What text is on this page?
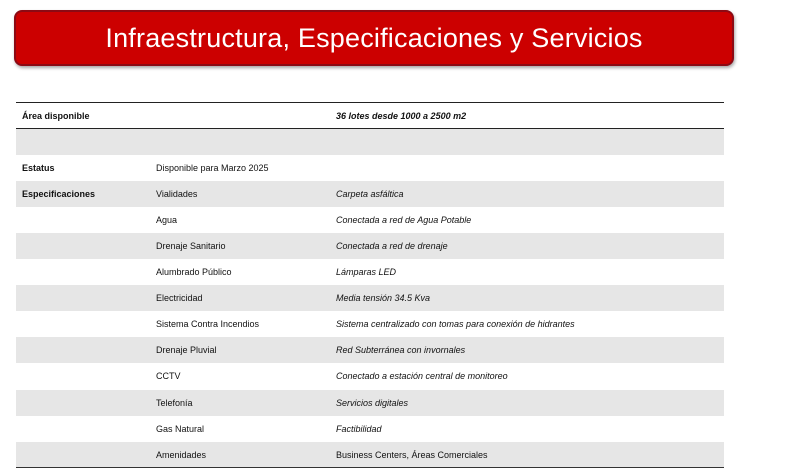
Infraestructura, Especificaciones y Servicios
Área disponible		36 lotes desde 1000 a 2500 m2

Estatus	Disponible para Marzo 2025	
Especificaciones	Vialidades	Carpeta asfáltica
	Agua	Conectada a red de Agua Potable
	Drenaje Sanitario	Conectada a red de drenaje
	Alumbrado Público	Lámparas LED
	Electricidad	Media tensión 34.5 Kva
	Sistema Contra Incendios	Sistema centralizado con tomas para conexión de hidrantes
	Drenaje Pluvial	Red Subterránea con invornales
	CCTV	Conectado a estación central de monitoreo
	Telefonía	Servicios digitales
	Gas Natural	Factibilidad
	Amenidades	Business Centers, Áreas Comerciales
